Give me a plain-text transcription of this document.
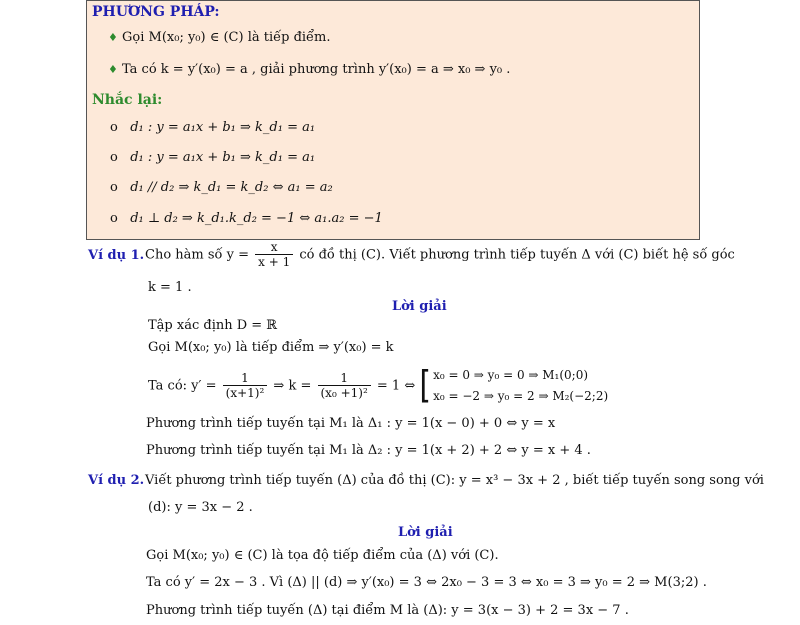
PHƯƠNG PHÁP:
♦ Gọi M(x₀; y₀) ∈ (C) là tiếp điểm.
♦ Ta có k = y′(x₀) = a , giải phương trình y′(x₀) = a ⇒ x₀ ⇒ y₀ .
Nhắc lại:
o d₁ : y = a₁x + b₁ ⇒ k_d₁ = a₁
o d₁ : y = a₁x + b₁ ⇒ k_d₁ = a₁
o d₁ // d₂ ⇒ k_d₁ = k_d₂ ⇔ a₁ = a₂
o d₁ ⊥ d₂ ⇒ k_d₁.k_d₂ = −1 ⇔ a₁.a₂ = −1
Ví dụ 1. Cho hàm số $y = \frac{x}{x + 1}$ có đồ thị (C). Viết phương trình tiếp tuyến Δ với (C) biết hệ số góc
k = 1 .
Lời giải
Tập xác định D = ℝ
Gọi M(x₀; y₀) là tiếp điểm ⇒ y′(x₀) = k
Ta có: $y' = \frac{1}{\text{(x+1)²}}$ ⇒ $k = \frac{1}{\text{(x₀ +1)²}} = 1$ ⇔ [ x₀ = 0 ⇒ y₀ = 0 ⇒ M₁(0;0)
x₀ = −2 ⇒ y₀ = 2 ⇒ M₂(−2;2)
Phương trình tiếp tuyến tại M₁ là Δ₁ : y = 1(x − 0) + 0 ⇔ y = x
Phương trình tiếp tuyến tại M₁ là Δ₂ : y = 1(x + 2) + 2 ⇔ y = x + 4 .
Ví dụ 2. Viết phương trình tiếp tuyến (Δ) của đồ thị (C): y = x³ − 3x + 2 , biết tiếp tuyến song song với
(d): y = 3x − 2 .
Lời giải
Gọi M(x₀; y₀) ∈ (C) là tọa độ tiếp điểm của (Δ) với (C).
Ta có y′ = 2x − 3 . Vì (Δ) || (d) ⇒ y′(x₀) = 3 ⇔ 2x₀ − 3 = 3 ⇔ x₀ = 3 ⇒ y₀ = 2 ⇒ M(3;2) .
Phương trình tiếp tuyến (Δ) tại điểm M là (Δ): y = 3(x − 3) + 2 = 3x − 7 .
